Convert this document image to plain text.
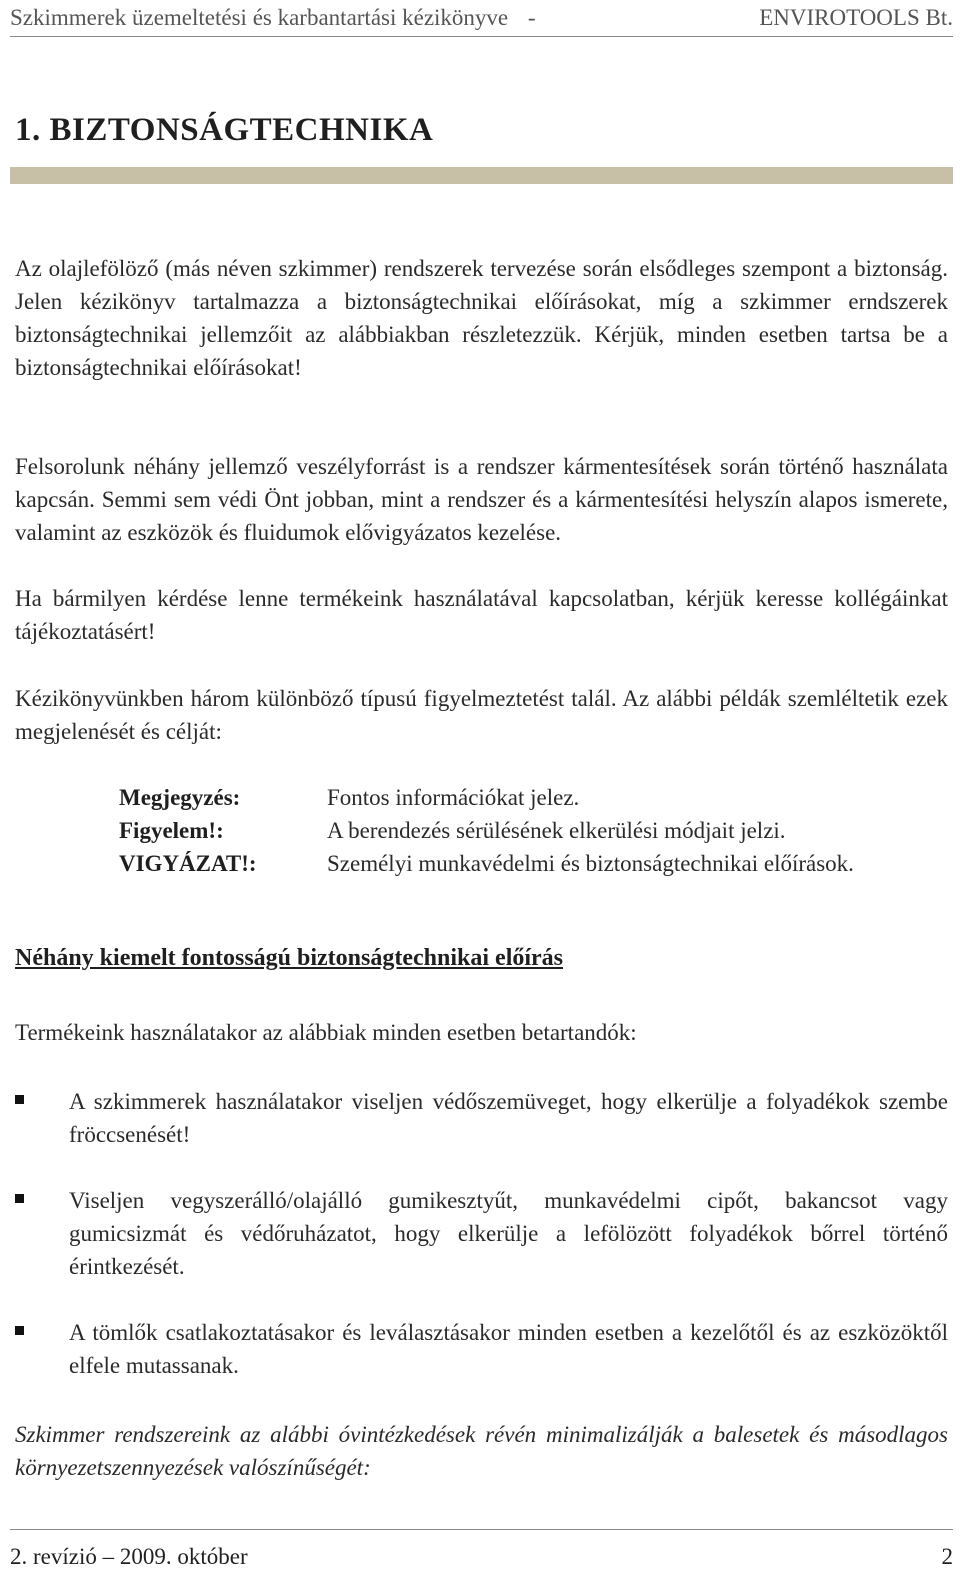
Szkimmerek üzemeltetési és karbantartási kézikönyve -	ENVIROTOOLS Bt.
1. BIZTONSÁGTECHNIKA

Az olajlefölöző (más néven szkimmer) rendszerek tervezése során elsődleges szempont a biztonság. Jelen kézikönyv tartalmazza a biztonságtechnikai előírásokat, míg a szkimmer erndszerek biztonságtechnikai jellemzőit az alábbiakban részletezzük. Kérjük, minden esetben tartsa be a biztonságtechnikai előírásokat!

Felsorolunk néhány jellemző veszélyforrást is a rendszer kármentesítések során történő használata kapcsán. Semmi sem védi Önt jobban, mint a rendszer és a kármentesítési helyszín alapos ismerete, valamint az eszközök és fluidumok elővigyázatos kezelése.

Ha bármilyen kérdése lenne termékeink használatával kapcsolatban, kérjük keresse kollégáinkat tájékoztatásért!

Kézikönyvünkben három különböző típusú figyelmeztetést talál. Az alábbi példák szemléltetik ezek megjelenését és célját:

Megjegyzés:	Fontos információkat jelez.
Figyelem!:	A berendezés sérülésének elkerülési módjait jelzi.
VIGYÁZAT!:	Személyi munkavédelmi és biztonságtechnikai előírások.
Néhány kiemelt fontosságú biztonságtechnikai előírás
Termékeink használatakor az alábbiak minden esetben betartandók:
A szkimmerek használatakor viseljen védőszemüveget, hogy elkerülje a folyadékok szembe fröccsenését!
Viseljen vegyszerálló/olajálló gumikesztyűt, munkavédelmi cipőt, bakancsot vagy gumicsizmát és védőruházatot, hogy elkerülje a lefölözött folyadékok bőrrel történő érintkezését.
A tömlők csatlakoztatásakor és leválasztásakor minden esetben a kezelőtől és az eszközöktől elfele mutassanak.
Szkimmer rendszereink az alábbi óvintézkedések révén minimalizálják a balesetek és másodlagos környezetszennyezések valószínűségét:
2. revízió – 2009. október	2
